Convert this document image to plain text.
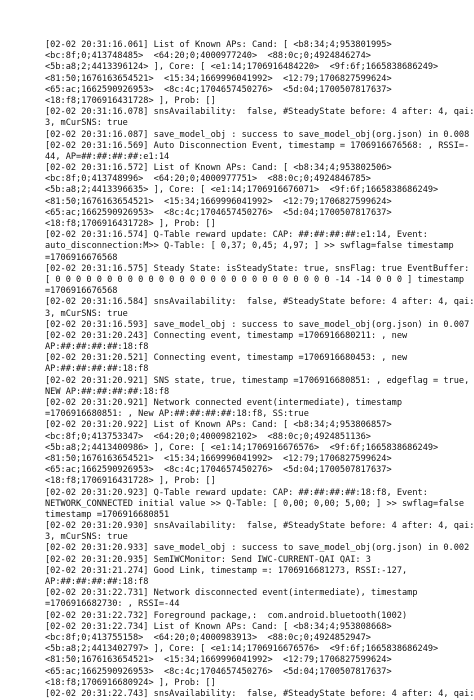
[02-02 20:31:16.061] List of Known APs: Cand: [ <b8:34;4;953801995>
<bc:8f;0;413748485>  <64:20;0;4000977240>  <88:0c;0;4924846274>
<5b:a8;2;4413396124> ], Core: [ <e1:14;1706916484220>  <9f:6f;1665838686249>
<81:50;1676163654521>  <15:34;1669996041992>  <12:79;1706827599624>
<65:ac;1662590926953>  <8c:4c;1704657450276>  <5d:04;1700507817637>
<18:f8;1706916431728> ], Prob: []
[02-02 20:31:16.078] snsAvailability:  false, #SteadyState before: 4 after: 4, qai:
3, mCurSNS: true
[02-02 20:31:16.087] save_model_obj : success to save_model_obj(org.json) in 0.008
[02-02 20:31:16.569] Auto Disconnection Event, timestamp = 1706916676568: , RSSI=-
44, AP=##:##:##:##:e1:14
[02-02 20:31:16.572] List of Known APs: Cand: [ <b8:34;4;953802506>
<bc:8f;0;413748996>  <64:20;0;4000977751>  <88:0c;0;4924846785>
<5b:a8;2;4413396635> ], Core: [ <e1:14;1706916676071>  <9f:6f;1665838686249>
<81:50;1676163654521>  <15:34;1669996041992>  <12:79;1706827599624>
<65:ac;1662590926953>  <8c:4c;1704657450276>  <5d:04;1700507817637>
<18:f8;1706916431728> ], Prob: []
[02-02 20:31:16.574] Q-Table reward update: CAP: ##:##:##:##:e1:14, Event:
auto_disconnection:M>> Q-Table: [ 0,37; 0,45; 4,97; ] >> swflag=false timestamp
=1706916676568
[02-02 20:31:16.575] Steady State: isSteadyState: true, snsFlag: true EventBuffer:
[ 0 0 0 0 0 0 0 0 0 0 0 0 0 0 0 0 0 0 0 0 0 0 0 0 0 0 0 -14 -14 0 0 0 ] timestamp
=1706916676568
[02-02 20:31:16.584] snsAvailability:  false, #SteadyState before: 4 after: 4, qai:
3, mCurSNS: true
[02-02 20:31:16.593] save_model_obj : success to save_model_obj(org.json) in 0.007
[02-02 20:31:20.243] Connecting event, timestamp =1706916680211: , new
AP:##:##:##:##:18:f8
[02-02 20:31:20.521] Connecting event, timestamp =1706916680453: , new
AP:##:##:##:##:18:f8
[02-02 20:31:20.921] SNS state, true, timestamp =1706916680851: , edgeflag = true,
NEW AP:##:##:##:##:18:f8
[02-02 20:31:20.921] Network connected event(intermediate), timestamp
=1706916680851: , New AP:##:##:##:##:18:f8, SS:true
[02-02 20:31:20.922] List of Known APs: Cand: [ <b8:34;4;953806857>
<bc:8f;0;413753347>  <64:20;0;4000982102>  <88:0c;0;4924851136>
<5b:a8;2;4413400986> ], Core: [ <e1:14;1706916676576>  <9f:6f;1665838686249>
<81:50;1676163654521>  <15:34;1669996041992>  <12:79;1706827599624>
<65:ac;1662590926953>  <8c:4c;1704657450276>  <5d:04;1700507817637>
<18:f8;1706916431728> ], Prob: []
[02-02 20:31:20.923] Q-Table reward update: CAP: ##:##:##:##:18:f8, Event:
NETWORK_CONNECTED initial value >> Q-Table: [ 0,00; 0,00; 5,00; ] >> swflag=false
timestamp =1706916680851
[02-02 20:31:20.930] snsAvailability:  false, #SteadyState before: 4 after: 4, qai:
3, mCurSNS: true
[02-02 20:31:20.933] save_model_obj : success to save_model_obj(org.json) in 0.002
[02-02 20:31:20.935] SemIWCMonitor: Send IWC-CURRENT-QAI QAI: 3
[02-02 20:31:21.274] Good Link, timestamp =: 1706916681273, RSSI:-127,
AP:##:##:##:##:18:f8
[02-02 20:31:22.731] Network disconnected event(intermediate), timestamp
=1706916682730: , RSSI=-44
[02-02 20:31:22.732] Foreground package,:  com.android.bluetooth(1002)
[02-02 20:31:22.734] List of Known APs: Cand: [ <b8:34;4;953808668>
<bc:8f;0;413755158>  <64:20;0;4000983913>  <88:0c;0;4924852947>
<5b:a8;2;4413402797> ], Core: [ <e1:14;1706916676576>  <9f:6f;1665838686249>
<81:50;1676163654521>  <15:34;1669996041992>  <12:79;1706827599624>
<65:ac;1662590926953>  <8c:4c;1704657450276>  <5d:04;1700507817637>
<18:f8;1706916680924> ], Prob: []
[02-02 20:31:22.743] snsAvailability:  false, #SteadyState before: 4 after: 4, qai:
